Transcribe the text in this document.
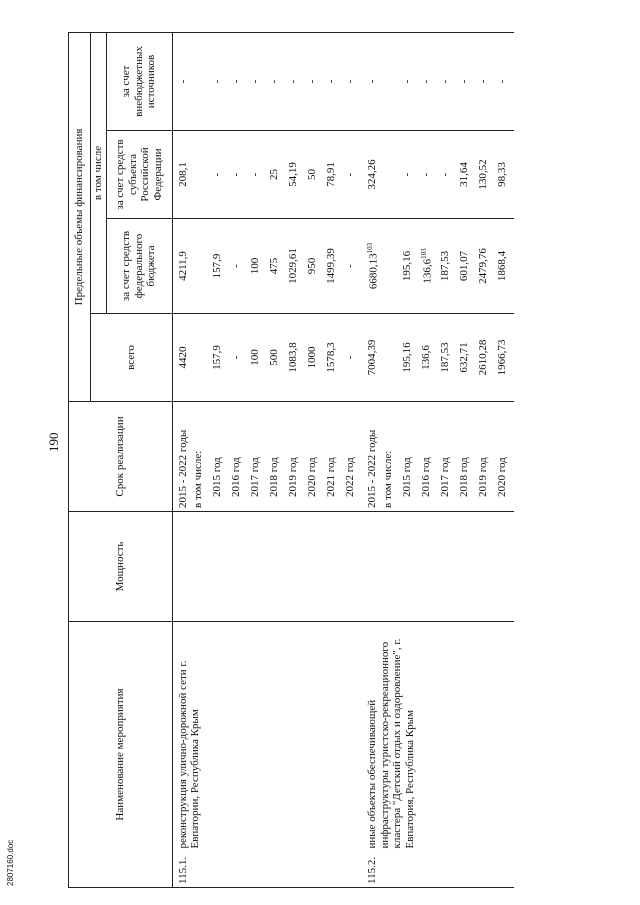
190
2807160.doc
Наименование мероприятия		Мощность	Срок реализации	Предельные объемы финансирования			
				всего	в том числе		
					за счет средств федерального бюджета	за счет средств субъекта Российской Федерации	за счет внебюджетных источников
115.1.	реконструкция улично-дорожной сети г. Евпатории, Республика Крым		2015 - 2022 годы	4420	4211,9	208,1	-
			в том числе:				
			2015 год	157,9	157,9	-	-
			2016 год	-	-	-	-
			2017 год	100	100	-	-
			2018 год	500	475	25	-
			2019 год	1083,8	1029,61	54,19	-
			2020 год	1000	950	50	-
			2021 год	1578,3	1499,39	78,91	-
			2022 год	-	-	-	-
115.2.	иные объекты обеспечивающей инфраструктуры туристско-рекреационного кластера "Детский отдых и оздоровление", г. Евпатория, Республика Крым		2015 - 2022 годы	7004,39	6680,13$^{103}$	324,26	-
			в том числе:				
			2015 год	195,16	195,16	-	-
			2016 год	136,6	136,6$^{103}$	-	-
			2017 год	187,53	187,53	-	-
			2018 год	632,71	601,07	31,64	-
			2019 год	2610,28	2479,76	130,52	-
			2020 год	1966,73	1868,4	98,33	-
